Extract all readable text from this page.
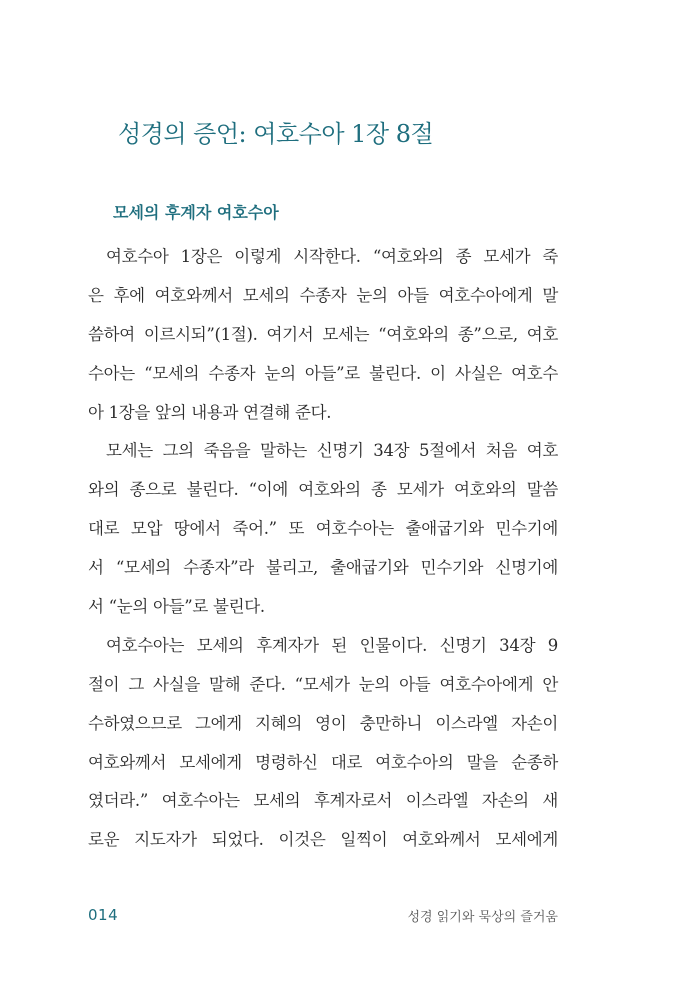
성경의 증언: 여호수아 1장 8절
모세의 후계자 여호수아
여호수아 1장은 이렇게 시작한다. “여호와의 종 모세가 죽
은 후에 여호와께서 모세의 수종자 눈의 아들 여호수아에게 말
씀하여 이르시되”(1절). 여기서 모세는 “여호와의 종”으로, 여호
수아는 “모세의 수종자 눈의 아들”로 불린다. 이 사실은 여호수
아 1장을 앞의 내용과 연결해 준다.
모세는 그의 죽음을 말하는 신명기 34장 5절에서 처음 여호
와의 종으로 불린다. “이에 여호와의 종 모세가 여호와의 말씀
대로 모압 땅에서 죽어.” 또 여호수아는 출애굽기와 민수기에
서 “모세의 수종자”라 불리고, 출애굽기와 민수기와 신명기에
서 “눈의 아들”로 불린다.
여호수아는 모세의 후계자가 된 인물이다. 신명기 34장 9
절이 그 사실을 말해 준다. “모세가 눈의 아들 여호수아에게 안
수하였으므로 그에게 지혜의 영이 충만하니 이스라엘 자손이
여호와께서 모세에게 명령하신 대로 여호수아의 말을 순종하
였더라.” 여호수아는 모세의 후계자로서 이스라엘 자손의 새
로운 지도자가 되었다. 이것은 일찍이 여호와께서 모세에게
014	성경 읽기와 묵상의 즐거움
